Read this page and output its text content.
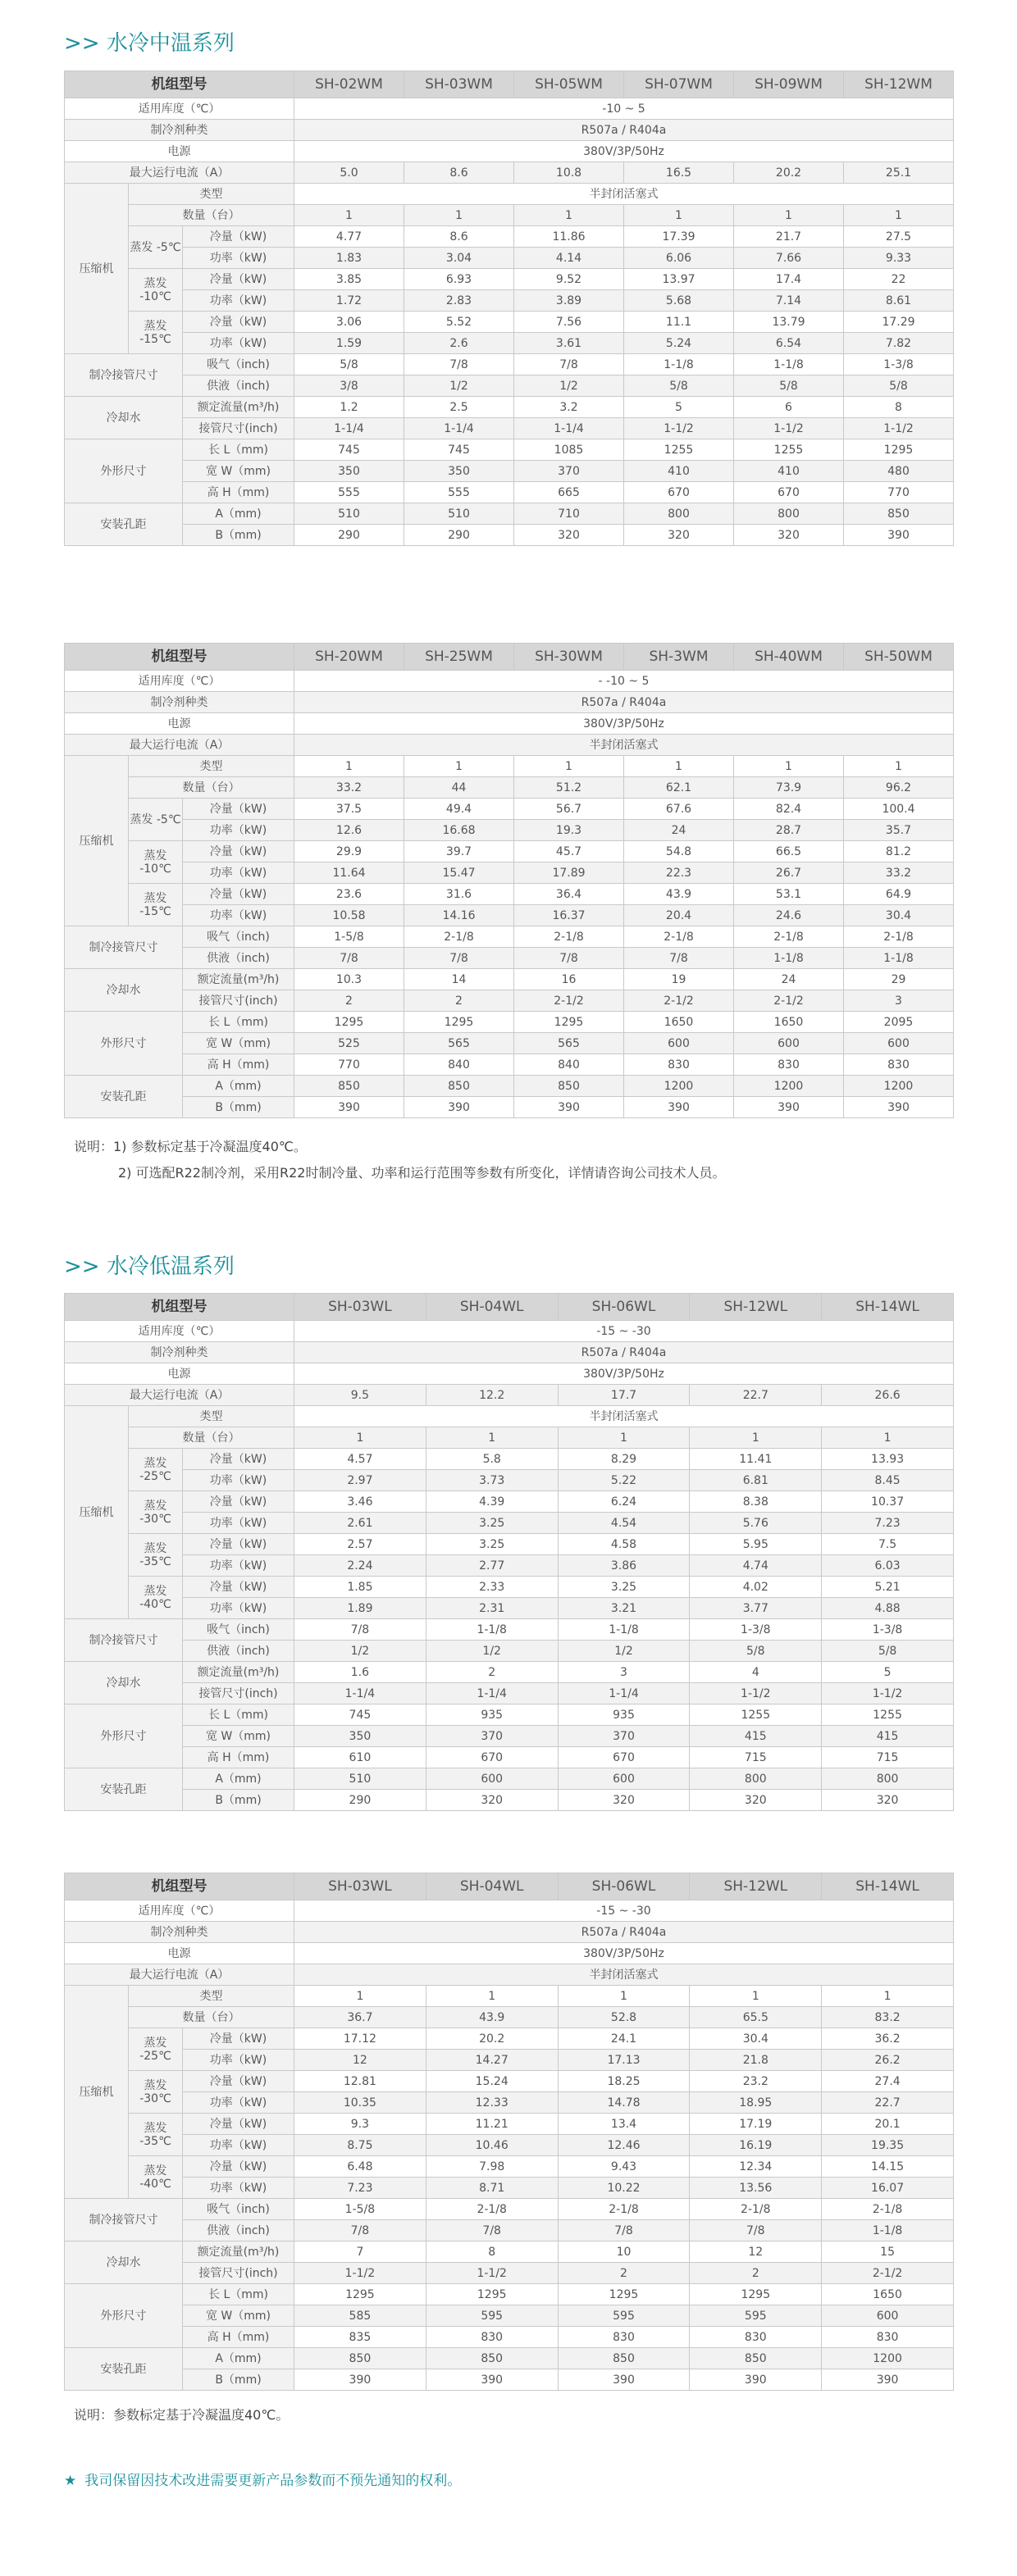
>> 水冷中温系列
机组型号			SH-02WM	SH-03WM	SH-05WM	SH-07WM	SH-09WM	SH-12WM
适用库度（℃）			-10 ~ 5					
制冷剂种类			R507a / R404a					
电源			380V/3P/50Hz					
最大运行电流（A）			5.0	8.6	10.8	16.5	20.2	25.1
压缩机	类型		半封闭活塞式					
	数量（台）		1	1	1	1	1	1
	蒸发 -5℃	冷量（kW)	4.77	8.6	11.86	17.39	21.7	27.5
		功率（kW)	1.83	3.04	4.14	6.06	7.66	9.33
	蒸发 -10℃	冷量（kW)	3.85	6.93	9.52	13.97	17.4	22
		功率（kW)	1.72	2.83	3.89	5.68	7.14	8.61
	蒸发 -15℃	冷量（kW)	3.06	5.52	7.56	11.1	13.79	17.29
		功率（kW)	1.59	2.6	3.61	5.24	6.54	7.82
制冷接管尺寸		吸气（inch)	5/8	7/8	7/8	1-1/8	1-1/8	1-3/8
		供液（inch)	3/8	1/2	1/2	5/8	5/8	5/8
冷却水		额定流量(m³/h)	1.2	2.5	3.2	5	6	8
		接管尺寸(inch)	1-1/4	1-1/4	1-1/4	1-1/2	1-1/2	1-1/2
外形尺寸		长 L（mm)	745	745	1085	1255	1255	1295
		宽 W（mm)	350	350	370	410	410	480
		高 H（mm)	555	555	665	670	670	770
安装孔距		A（mm)	510	510	710	800	800	850
		B（mm)	290	290	320	320	320	390
机组型号			SH-20WM	SH-25WM	SH-30WM	SH-3WM	SH-40WM	SH-50WM
适用库度（℃）			- -10 ~ 5					
制冷剂种类			R507a / R404a					
电源			380V/3P/50Hz					
最大运行电流（A）			半封闭活塞式					
压缩机	类型		1	1	1	1	1	1
	数量（台）		33.2	44	51.2	62.1	73.9	96.2
	蒸发 -5℃	冷量（kW)	37.5	49.4	56.7	67.6	82.4	100.4
		功率（kW)	12.6	16.68	19.3	24	28.7	35.7
	蒸发 -10℃	冷量（kW)	29.9	39.7	45.7	54.8	66.5	81.2
		功率（kW)	11.64	15.47	17.89	22.3	26.7	33.2
	蒸发 -15℃	冷量（kW)	23.6	31.6	36.4	43.9	53.1	64.9
		功率（kW)	10.58	14.16	16.37	20.4	24.6	30.4
制冷接管尺寸		吸气（inch)	1-5/8	2-1/8	2-1/8	2-1/8	2-1/8	2-1/8
		供液（inch)	7/8	7/8	7/8	7/8	1-1/8	1-1/8
冷却水		额定流量(m³/h)	10.3	14	16	19	24	29
		接管尺寸(inch)	2	2	2-1/2	2-1/2	2-1/2	3
外形尺寸		长 L（mm)	1295	1295	1295	1650	1650	2095
		宽 W（mm)	525	565	565	600	600	600
		高 H（mm)	770	840	840	830	830	830
安装孔距		A（mm)	850	850	850	1200	1200	1200
		B（mm)	390	390	390	390	390	390
说明：1) 参数标定基于冷凝温度40℃。
2) 可选配R22制冷剂，采用R22时制冷量、功率和运行范围等参数有所变化，详情请咨询公司技术人员。
>> 水冷低温系列
机组型号			SH-03WL	SH-04WL	SH-06WL	SH-12WL	SH-14WL
适用库度（℃）			-15 ~ -30				
制冷剂种类			R507a / R404a				
电源			380V/3P/50Hz				
最大运行电流（A）			9.5	12.2	17.7	22.7	26.6
压缩机	类型		半封闭活塞式				
	数量（台）		1	1	1	1	1
	蒸发 -25℃	冷量（kW)	4.57	5.8	8.29	11.41	13.93
		功率（kW)	2.97	3.73	5.22	6.81	8.45
	蒸发 -30℃	冷量（kW)	3.46	4.39	6.24	8.38	10.37
		功率（kW)	2.61	3.25	4.54	5.76	7.23
	蒸发 -35℃	冷量（kW)	2.57	3.25	4.58	5.95	7.5
		功率（kW)	2.24	2.77	3.86	4.74	6.03
	蒸发 -40℃	冷量（kW)	1.85	2.33	3.25	4.02	5.21
		功率（kW)	1.89	2.31	3.21	3.77	4.88
制冷接管尺寸		吸气（inch)	7/8	1-1/8	1-1/8	1-3/8	1-3/8
		供液（inch)	1/2	1/2	1/2	5/8	5/8
冷却水		额定流量(m³/h)	1.6	2	3	4	5
		接管尺寸(inch)	1-1/4	1-1/4	1-1/4	1-1/2	1-1/2
外形尺寸		长 L（mm)	745	935	935	1255	1255
		宽 W（mm)	350	370	370	415	415
		高 H（mm)	610	670	670	715	715
安装孔距		A（mm)	510	600	600	800	800
		B（mm)	290	320	320	320	320
机组型号			SH-03WL	SH-04WL	SH-06WL	SH-12WL	SH-14WL
适用库度（℃）			-15 ~ -30				
制冷剂种类			R507a / R404a				
电源			380V/3P/50Hz				
最大运行电流（A）			半封闭活塞式				
压缩机	类型		1	1	1	1	1
	数量（台）		36.7	43.9	52.8	65.5	83.2
	蒸发 -25℃	冷量（kW)	17.12	20.2	24.1	30.4	36.2
		功率（kW)	12	14.27	17.13	21.8	26.2
	蒸发 -30℃	冷量（kW)	12.81	15.24	18.25	23.2	27.4
		功率（kW)	10.35	12.33	14.78	18.95	22.7
	蒸发 -35℃	冷量（kW)	9.3	11.21	13.4	17.19	20.1
		功率（kW)	8.75	10.46	12.46	16.19	19.35
	蒸发 -40℃	冷量（kW)	6.48	7.98	9.43	12.34	14.15
		功率（kW)	7.23	8.71	10.22	13.56	16.07
制冷接管尺寸		吸气（inch)	1-5/8	2-1/8	2-1/8	2-1/8	2-1/8
		供液（inch)	7/8	7/8	7/8	7/8	1-1/8
冷却水		额定流量(m³/h)	7	8	10	12	15
		接管尺寸(inch)	1-1/2	1-1/2	2	2	2-1/2
外形尺寸		长 L（mm)	1295	1295	1295	1295	1650
		宽 W（mm)	585	595	595	595	600
		高 H（mm)	835	830	830	830	830
安装孔距		A（mm)	850	850	850	850	1200
		B（mm)	390	390	390	390	390
说明：参数标定基于冷凝温度40℃。
★ 我司保留因技术改进需要更新产品参数而不预先通知的权利。
